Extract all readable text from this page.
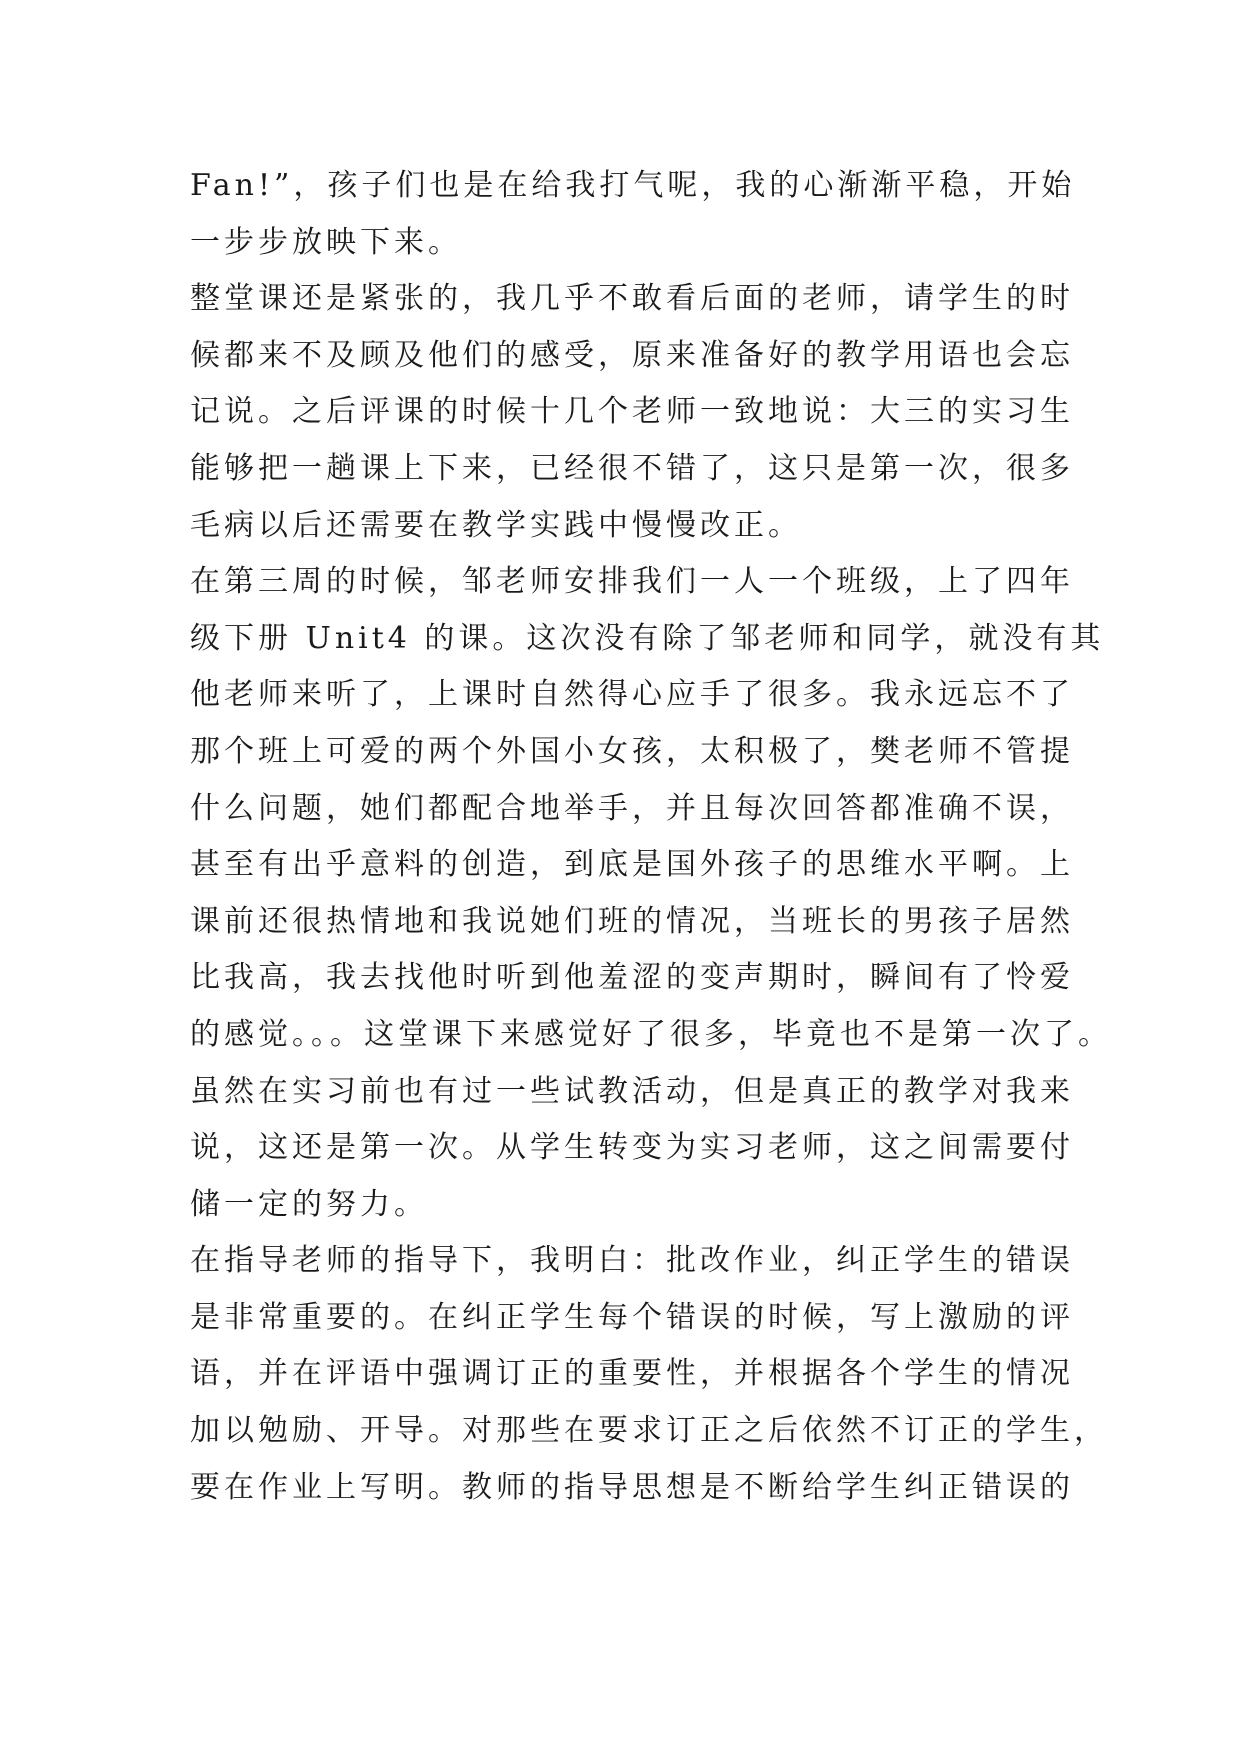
Fan!”，孩子们也是在给我打气呢，我的心渐渐平稳，开始
一步步放映下来。
整堂课还是紧张的，我几乎不敢看后面的老师，请学生的时
候都来不及顾及他们的感受，原来准备好的教学用语也会忘
记说。之后评课的时候十几个老师一致地说：大三的实习生
能够把一趟课上下来，已经很不错了，这只是第一次，很多
毛病以后还需要在教学实践中慢慢改正。
在第三周的时候，邹老师安排我们一人一个班级，上了四年
级下册 Unit4 的课。这次没有除了邹老师和同学，就没有其
他老师来听了，上课时自然得心应手了很多。我永远忘不了
那个班上可爱的两个外国小女孩，太积极了，樊老师不管提
什么问题，她们都配合地举手，并且每次回答都准确不误，
甚至有出乎意料的创造，到底是国外孩子的思维水平啊。上
课前还很热情地和我说她们班的情况，当班长的男孩子居然
比我高，我去找他时听到他羞涩的变声期时，瞬间有了怜爱
的感觉。。。这堂课下来感觉好了很多，毕竟也不是第一次了。
虽然在实习前也有过一些试教活动，但是真正的教学对我来
说，这还是第一次。从学生转变为实习老师，这之间需要付
储一定的努力。
在指导老师的指导下，我明白：批改作业，纠正学生的错误
是非常重要的。在纠正学生每个错误的时候，写上激励的评
语，并在评语中强调订正的重要性，并根据各个学生的情况
加以勉励、开导。对那些在要求订正之后依然不订正的学生，
要在作业上写明。教师的指导思想是不断给学生纠正错误的
